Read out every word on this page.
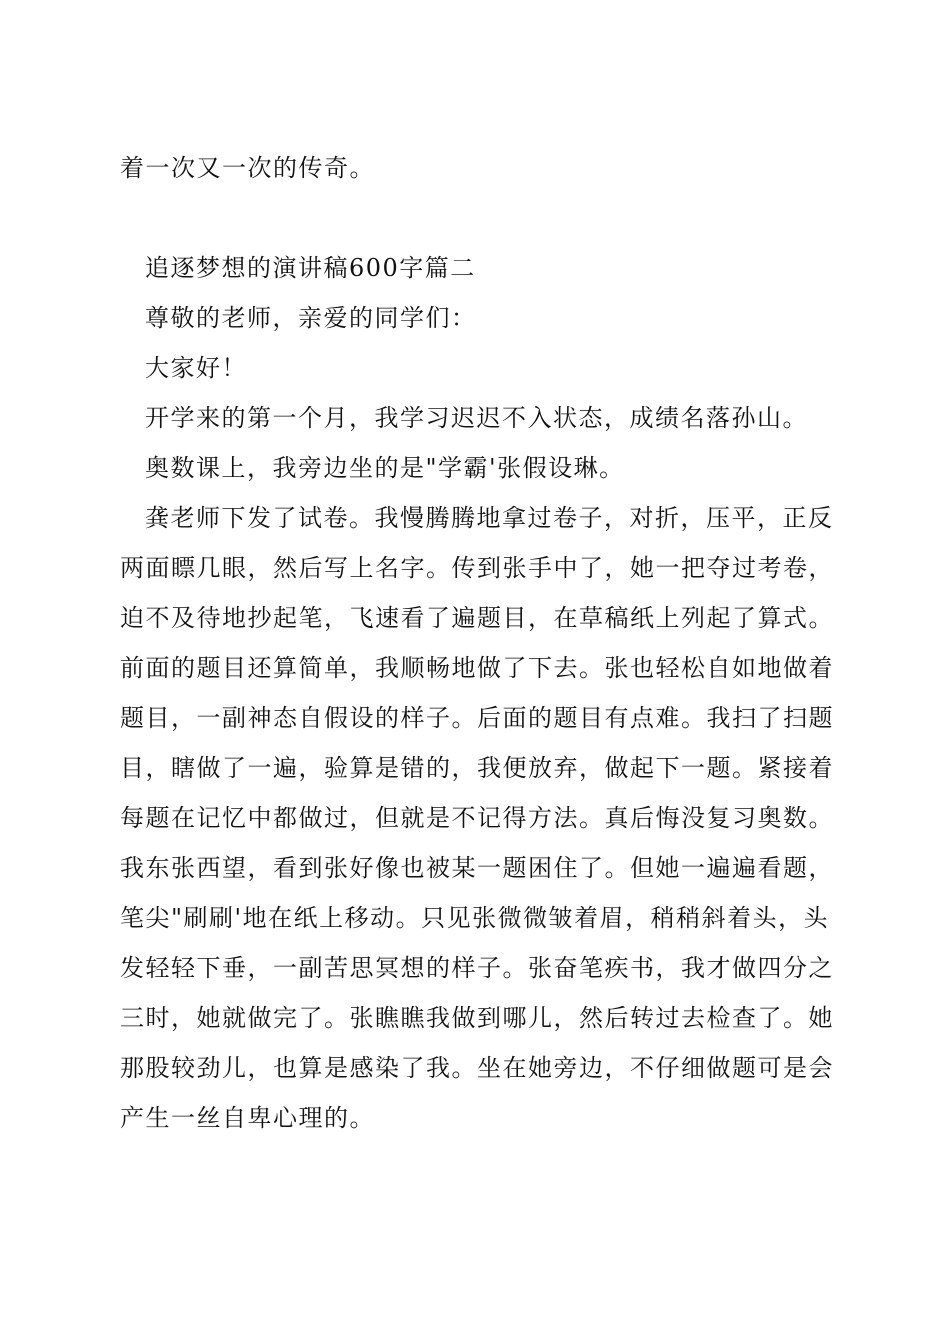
着一次又一次的传奇。
追逐梦想的演讲稿600字篇二
尊敬的老师，亲爱的同学们：
大家好！
开学来的第一个月，我学习迟迟不入状态，成绩名落孙山。
奥数课上，我旁边坐的是"学霸'张假设琳。
龚老师下发了试卷。我慢腾腾地拿过卷子，对折，压平，正反
两面瞟几眼，然后写上名字。传到张手中了，她一把夺过考卷，
迫不及待地抄起笔，飞速看了遍题目，在草稿纸上列起了算式。
前面的题目还算简单，我顺畅地做了下去。张也轻松自如地做着
题目，一副神态自假设的样子。后面的题目有点难。我扫了扫题
目，瞎做了一遍，验算是错的，我便放弃，做起下一题。紧接着
每题在记忆中都做过，但就是不记得方法。真后悔没复习奥数。
我东张西望，看到张好像也被某一题困住了。但她一遍遍看题，
笔尖"刷刷'地在纸上移动。只见张微微皱着眉，稍稍斜着头，头
发轻轻下垂，一副苦思冥想的样子。张奋笔疾书，我才做四分之
三时，她就做完了。张瞧瞧我做到哪儿，然后转过去检查了。她
那股较劲儿，也算是感染了我。坐在她旁边，不仔细做题可是会
产生一丝自卑心理的。
